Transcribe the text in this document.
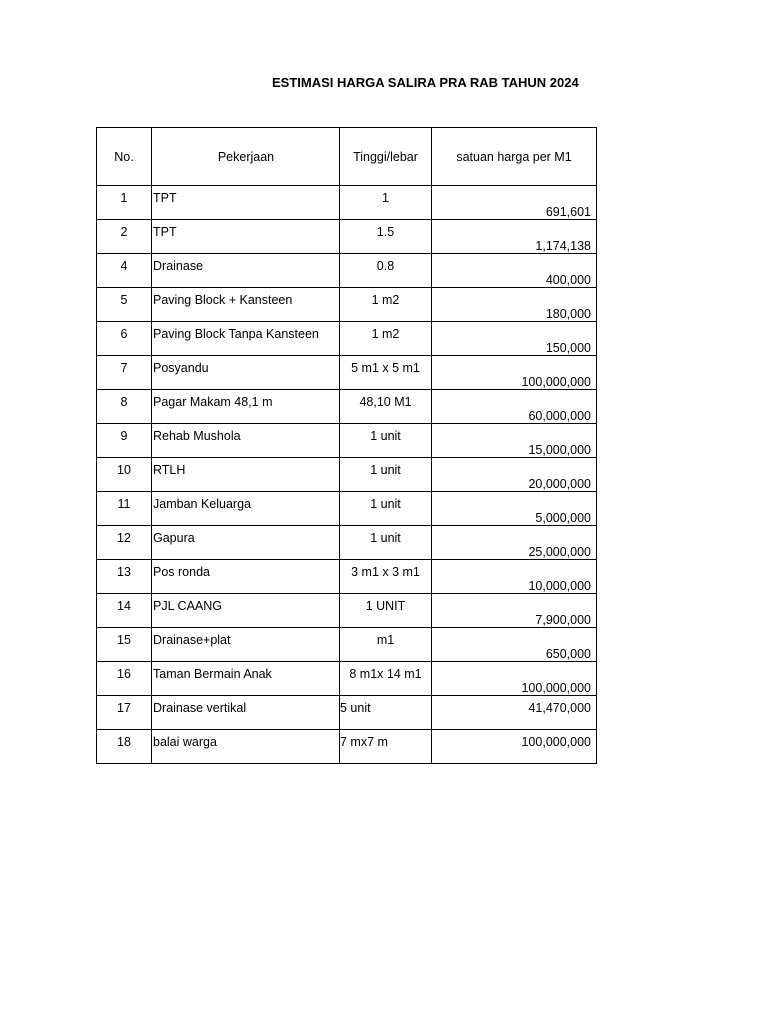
ESTIMASI HARGA SALIRA PRA RAB TAHUN 2024
No.	Pekerjaan	Tinggi/lebar	satuan harga per M1
1	TPT	1	691,601
2	TPT	1.5	1,174,138
4	Drainase	0.8	400,000
5	Paving Block + Kansteen	1 m2	180,000
6	Paving Block Tanpa Kansteen	1 m2	150,000
7	Posyandu	5 m1 x 5 m1	100,000,000
8	Pagar Makam 48,1 m	48,10 M1	60,000,000
9	Rehab Mushola	1 unit	15,000,000
10	RTLH	1 unit	20,000,000
11	Jamban Keluarga	1 unit	5,000,000
12	Gapura	1 unit	25,000,000
13	Pos ronda	3 m1 x 3 m1	10,000,000
14	PJL CAANG	1 UNIT	7,900,000
15	Drainase+plat	m1	650,000
16	Taman Bermain Anak	8 m1x 14 m1	100,000,000
17	Drainase vertikal	5 unit	41,470,000
18	balai warga	7 mx7 m	100,000,000
